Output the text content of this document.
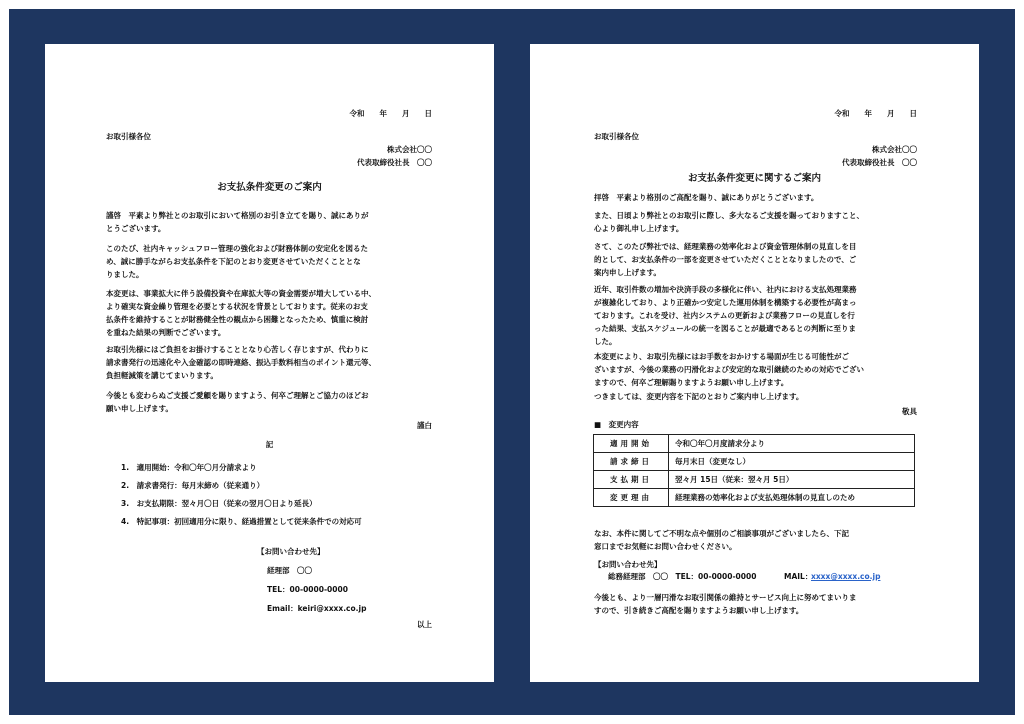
令和　　年　　月　　日
お取引様各位
株式会社〇〇
代表取締役社長　〇〇
お支払条件変更のご案内
謹啓　平素より弊社とのお取引において格別のお引き立てを賜り、誠にありが
とうございます。
このたび、社内キャッシュフロー管理の強化および財務体制の安定化を図るた
め、誠に勝手ながらお支払条件を下記のとおり変更させていただくこととな
りました。
本変更は、事業拡大に伴う設備投資や在庫拡大等の資金需要が増大している中、
より確実な資金繰り管理を必要とする状況を背景としております。従来のお支
払条件を維持することが財務健全性の観点から困難となったため、慎重に検討
を重ねた結果の判断でございます。
お取引先様にはご負担をお掛けすることとなり心苦しく存じますが、代わりに
請求書発行の迅速化や入金確認の即時連絡、振込手数料相当のポイント還元等、
負担軽減策を講じてまいります。
今後とも変わらぬご支援ご愛顧を賜りますよう、何卒ご理解とご協力のほどお
願い申し上げます。
謹白
記
1.　適用開始：令和〇年〇月分請求より
2.　請求書発行：毎月末締め（従来通り）
3.　お支払期限：翌々月〇日（従来の翌月〇日より延長）
4.　特記事項：初回適用分に限り、経過措置として従来条件での対応可
【お問い合わせ先】
経理部　〇〇
TEL：00-0000-0000
Email：keiri@xxxx.co.jp
以上
令和　　年　　月　　日
お取引様各位
株式会社〇〇
代表取締役社長　〇〇
お支払条件変更に関するご案内
拝啓　平素より格別のご高配を賜り、誠にありがとうございます。
また、日頃より弊社とのお取引に際し、多大なるご支援を賜っておりますこと、
心より御礼申し上げます。
さて、このたび弊社では、経理業務の効率化および資金管理体制の見直しを目
的として、お支払条件の一部を変更させていただくこととなりましたので、ご
案内申し上げます。
近年、取引件数の増加や決済手段の多様化に伴い、社内における支払処理業務
が複雑化しており、より正確かつ安定した運用体制を構築する必要性が高まっ
ております。これを受け、社内システムの更新および業務フローの見直しを行
った結果、支払スケジュールの統一を図ることが最適であるとの判断に至りま
した。
本変更により、お取引先様にはお手数をおかけする場面が生じる可能性がご
ざいますが、今後の業務の円滑化および安定的な取引継続のための対応でござい
ますので、何卒ご理解賜りますようお願い申し上げます。
つきましては、変更内容を下記のとおりご案内申し上げます。
敬具
■　変更内容
適用開始	令和〇年〇月度請求分より
請求締日	毎月末日（変更なし）
支払期日	翌々月 15日（従来：翌々月 5日）
変更理由	経理業務の効率化および支払処理体制の見直しのため
なお、本件に関してご不明な点や個別のご相談事項がございましたら、下記
窓口までお気軽にお問い合わせください。
【お問い合わせ先】
総務経理部　〇〇　TEL：00-0000-0000	MAIL：
xxxx@xxxx.co.jp
今後とも、より一層円滑なお取引関係の維持とサービス向上に努めてまいりま
すので、引き続きご高配を賜りますようお願い申し上げます。
